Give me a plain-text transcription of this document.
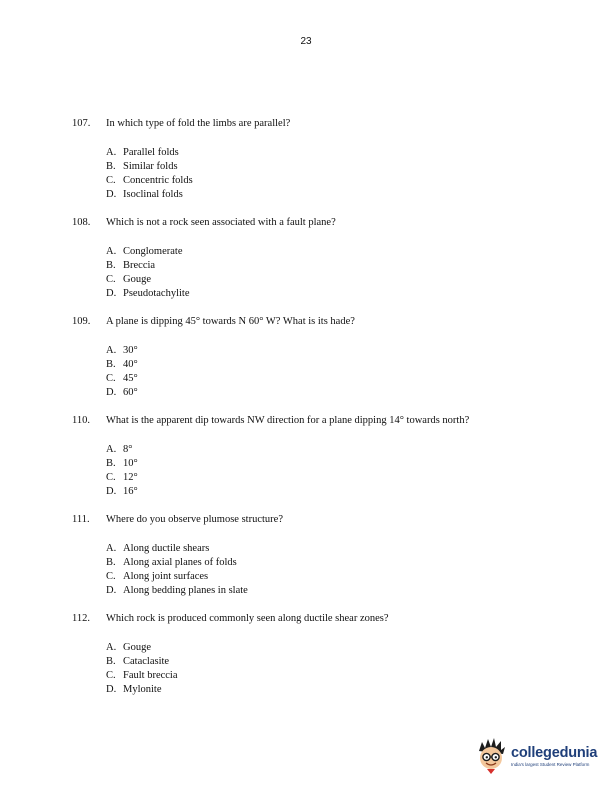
23
107.	In which type of fold the limbs are parallel?
A. Parallel folds
B. Similar folds
C. Concentric folds
D. Isoclinal folds
108.	Which is not a rock seen associated with a fault plane?
A. Conglomerate
B. Breccia
C. Gouge
D. Pseudotachylite
109.	A plane is dipping 45° towards N 60° W? What is its hade?
A. 30°
B. 40°
C. 45°
D. 60°
110.	What is the apparent dip towards NW direction for a plane dipping 14° towards north?
A. 8°
B. 10°
C. 12°
D. 16°
111.	Where do you observe plumose structure?
A. Along ductile shears
B. Along axial planes of folds
C. Along joint surfaces
D. Along bedding planes in slate
112.	Which rock is produced commonly seen along ductile shear zones?
A. Gouge
B. Cataclasite
C. Fault breccia
D. Mylonite
collegedunia
India's largest Student Review Platform
